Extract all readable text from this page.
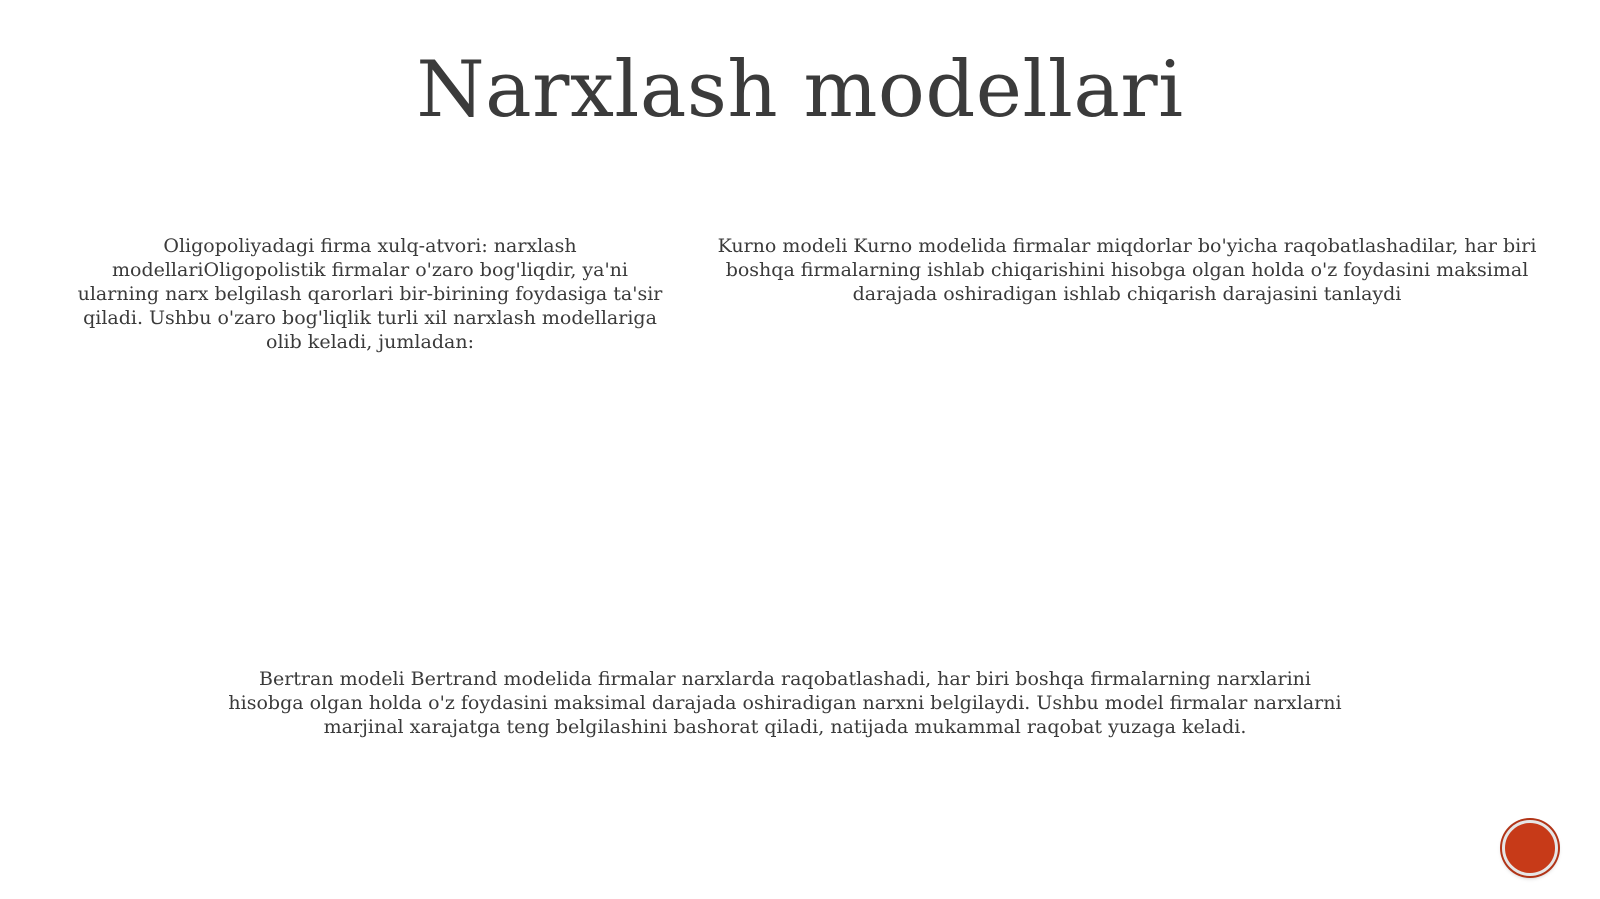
Narxlash modellari
Oligopoliyadagi firma xulq-atvori: narxlash modellariOligopolistik firmalar o'zaro bog'liqdir, ya'ni ularning narx belgilash qarorlari bir-birining foydasiga ta'sir qiladi. Ushbu o'zaro bog'liqlik turli xil narxlash modellariga olib keladi, jumladan:
Kurno modeli Kurno modelida firmalar miqdorlar bo'yicha raqobatlashadilar, har biri boshqa firmalarning ishlab chiqarishini hisobga olgan holda o'z foydasini maksimal darajada oshiradigan ishlab chiqarish darajasini tanlaydi
Bertran modeli Bertrand modelida firmalar narxlarda raqobatlashadi, har biri boshqa firmalarning narxlarini hisobga olgan holda o'z foydasini maksimal darajada oshiradigan narxni belgilaydi. Ushbu model firmalar narxlarni marjinal xarajatga teng belgilashini bashorat qiladi, natijada mukammal raqobat yuzaga keladi.
